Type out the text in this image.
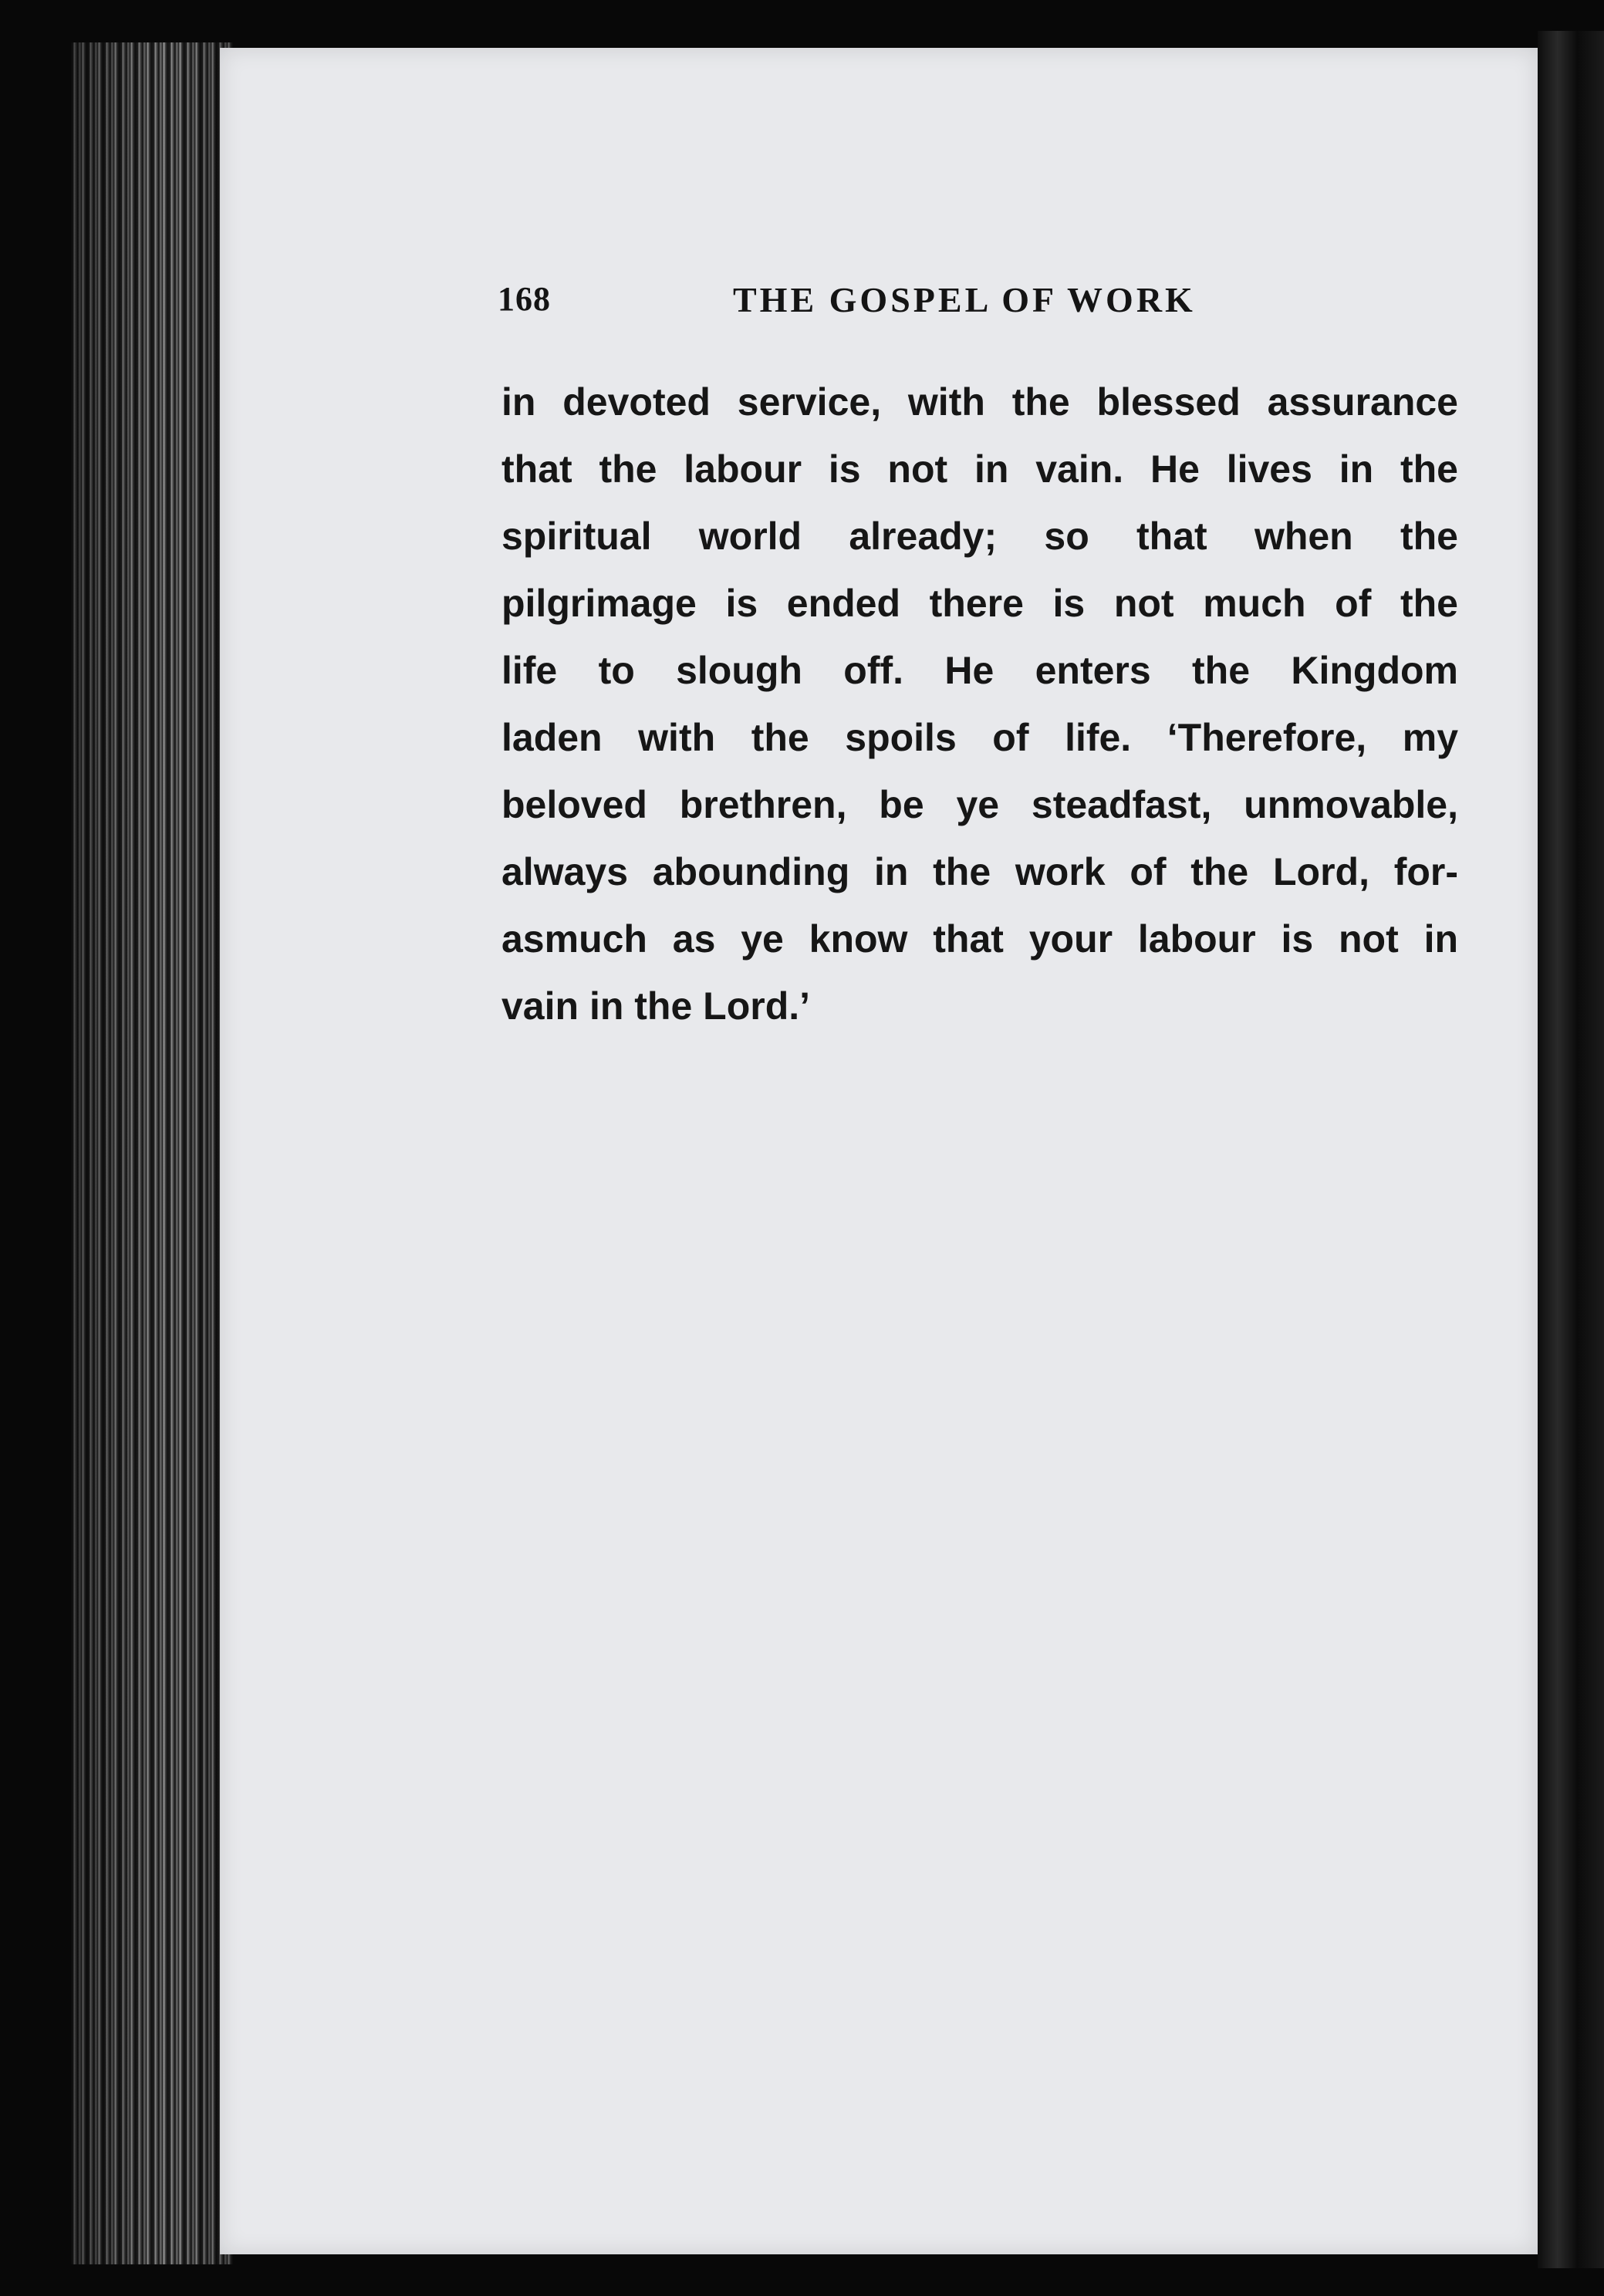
168	THE GOSPEL OF WORK
in devoted service, with the blessed assurance
that the labour is not in vain. He lives in the
spiritual world already; so that when the
pilgrimage is ended there is not much of the
life to slough off. He enters the Kingdom
laden with the spoils of life. ‘Therefore, my
beloved brethren, be ye steadfast, unmovable,
always abounding in the work of the Lord, for-
asmuch as ye know that your labour is not in
vain in the Lord.’
